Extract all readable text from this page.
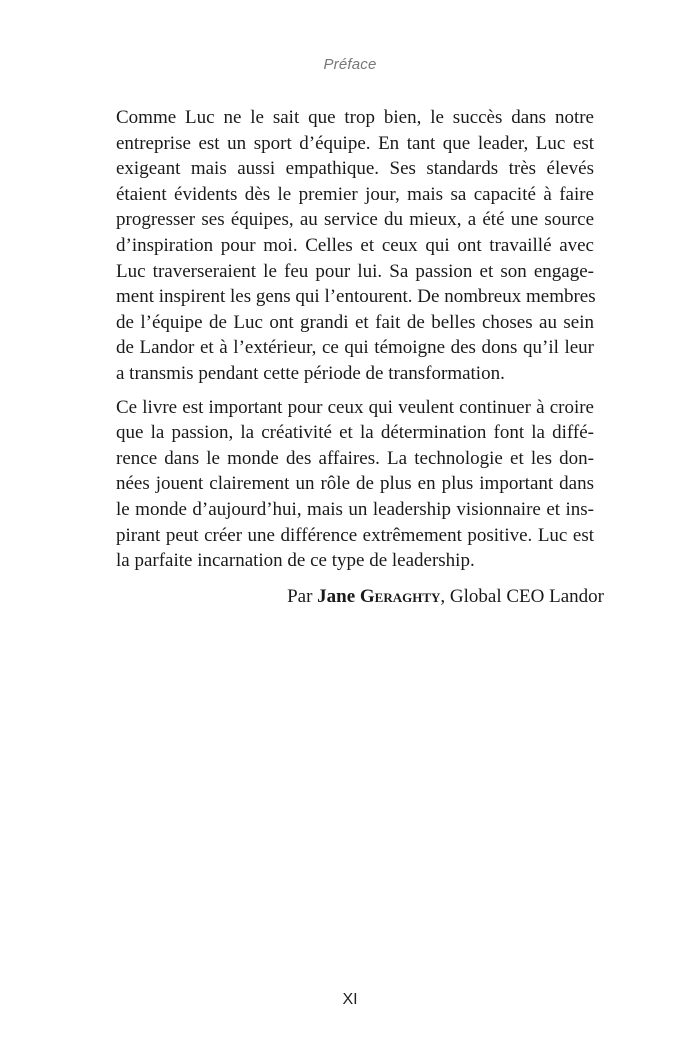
Préface

Comme Luc ne le sait que trop bien, le succès dans notre
entreprise est un sport d’équipe. En tant que leader, Luc est
exigeant mais aussi empathique. Ses standards très élevés
étaient évidents dès le premier jour, mais sa capacité à faire
progresser ses équipes, au service du mieux, a été une source
d’inspiration pour moi. Celles et ceux qui ont travaillé avec
Luc traverseraient le feu pour lui. Sa passion et son engage-
ment inspirent les gens qui l’entourent. De nombreux membres
de l’équipe de Luc ont grandi et fait de belles choses au sein
de Landor et à l’extérieur, ce qui témoigne des dons qu’il leur
a transmis pendant cette période de transformation.

Ce livre est important pour ceux qui veulent continuer à croire
que la passion, la créativité et la détermination font la diffé-
rence dans le monde des affaires. La technologie et les don-
nées jouent clairement un rôle de plus en plus important dans
le monde d’aujourd’hui, mais un leadership visionnaire et ins-
pirant peut créer une différence extrêmement positive. Luc est
la parfaite incarnation de ce type de leadership.

Par Jane Geraghty, Global CEO Landor
XI
